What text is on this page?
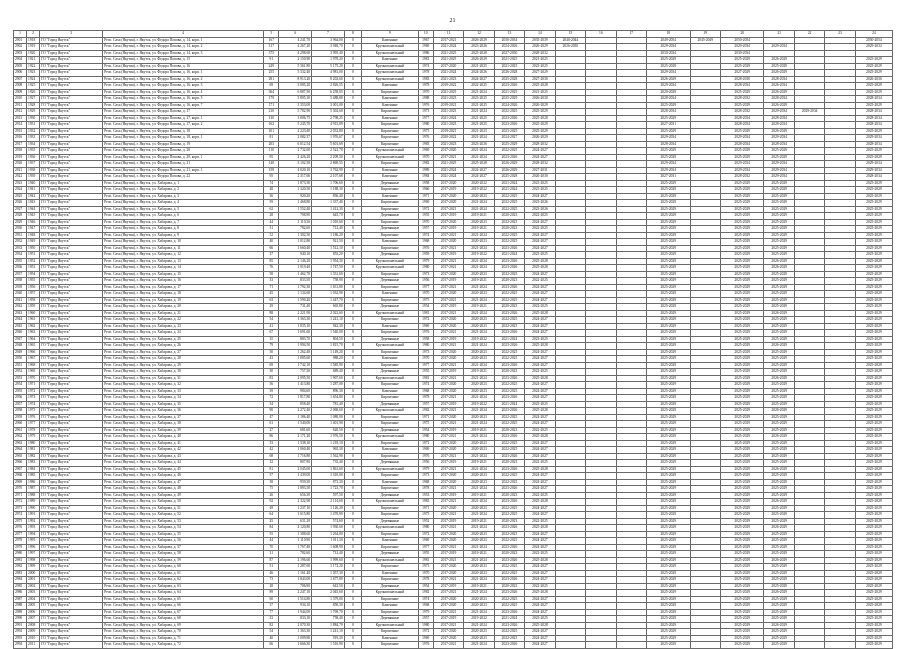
21
1	2	3	4	5	6	7	8	9	10	11	12	13	14	15	16	17	18	19	20	21	22	23	24
2901	1918	ГО "Город Якутск"	Респ. Саха (Якутия), г. Якутск, ул. Федора Попова, д. 14, корп. 1	167	4 241,70	3 964,00	0	Каменные	1967	2017-2021	2026-2029	2030-2034	2035-2039	2040-2044			2049-2054	2045-2049	2050-2054				2050-2054
2902	1919	ГО "Город Якутск"	Респ. Саха (Якутия), г. Якутск, ул. Федора Попова, д. 14, корп. 2	317	4 267,20	3 948,70	0	Крупнопанельный	1969	2021-2024	2023-2026	2024-2026	2026-2029	2026-2030			2029-2034		2029-2034	2029-2034			2029-2034
2903	1920	ГО "Город Якутск"	Респ. Саха (Якутия), г. Якутск, ул. Федора Попова, д. 14, корп. 3	375	4 298,60	3 995,40	0	Крупнопанельный	1986	2021-2025	2025-2028	2027-2030	2028-2032				2030-2034		2030-2034				
2904	1921	ГО "Город Якутск"	Респ. Саха (Якутия), г. Якутск, ул. Федора Попова, д. 15	91	2 150,90	1 978,20	0	Каменные	1981	2021-2025	2026-2029	2021-2025	2021-2025				2025-2029		2025-2029	2026-2029			2025-2029
2905	1922	ГО "Город Якутск"	Респ. Саха (Якутия), г. Якутск, ул. Федора Попова, д. 16	249	5 361,80	5 175,20	0	Крупнопанельный	1974	2017-2020	2021-2025	2021-2025	2023-2025				2025-2028		2025-2029	2025-2029			2025-2029
2906	1923	ГО "Город Якутск"	Респ. Саха (Якутия), г. Якутск, ул. Федора Попова, д. 16, корп. 1	255	5 332,40	4 981,00	0	Крупнопанельный	1978	2021-2024	2024-2026	2026-2028	2027-2029				2029-2034		2027-2029	2026-2029			2025-2029
2907	1924	ГО "Город Якутск"	Респ. Саха (Якутия), г. Якутск, ул. Федора Попова, д. 16, корп. 2	281	8 913,20	8 202,60	0	Крупнопанельный	1983	2021-2023	2024-2027	2025-2028	2027-2030				2026-2029		2028-2030	2028-2034			2026-2030
2908	1925	ГО "Город Якутск"	Респ. Саха (Якутия), г. Якутск, ул. Федора Попова, д. 16, корп. 3	69	3 085,20	2 826,55	0	Каменные	1978	2019-2022	2022-2025	2023-2026	2025-2028				2029-2034		2028-2034	2026-2034			2025-2029
2909	1926	ГО "Город Якутск"	Респ. Саха (Якутия), г. Якутск, ул. Федора Попова, д. 16, корп. 4	364	6 887,50	6 258,05	0	Кирпичные	1970	2021-2025	2021-2024	2021-2025	2021-2025				2020-2029		2025-2029	2026-2029			2025-2029
2910	1927	ГО "Город Якутск"	Респ. Саха (Якутия), г. Якутск, ул. Федора Попова, д. 16, корп. 5	179	5 895,10	5 488,80	0	Каменные	1988	2021-2023	2023-2025	2025-2029	2026-2030				2028-2034		2028-2032	2028-2034			2028-2034
2911	1928	ГО "Город Якутск"	Респ. Саха (Якутия), г. Якутск, ул. Федора Попова, д. 16, корп. 7	171	3 353,00	3 001,00	0	Каменные	1976	2019-2021	2021-2025	2024-2026	2026-2029				2025-2029		2025-2029	2026-2029			2025-2029
2912	1929	ГО "Город Якутск"	Респ. Саха (Якутия), г. Якутск, ул. Федора Попова, д. 17	210	5 702,90	5 302,60	0	Кирпичные	1973	2021-2023	2021-2024	2022-2025	2025-2029				2028-2034		2028-2032	2029-2034	2029-2034		2028-2034
2913	1930	ГО "Город Якутск"	Респ. Саха (Якутия), г. Якутск, ул. Федора Попова, д. 17, корп. 1	130	3 006,75	2 798,25	0	Каменные	1977	2021-2024	2021-2025	2023-2026	2025-2028				2025-2029		2028-2034	2028-2034			2028-2034
2914	1931	ГО "Город Якутск"	Респ. Саха (Якутия), г. Якутск, ул. Федора Попова, д. 17, корп. 2	162	5 245,70	4 915,09	0	Кирпичные	1980	2021-2023	2021-2025	2023-2026	2025-2029				2027-2031		2028-2034	2028-2034			2028-2034
2915	1932	ГО "Город Якутск"	Респ. Саха (Якутия), г. Якутск, ул. Федора Попова, д. 18	101	2 223,40	2 032,80	0	Кирпичные	1975	2019-2021	2021-2023	2023-2025	2025-2029				2025-2029		2025-2029	2026-2029			2025-2029
2916	1933	ГО "Город Якутск"	Респ. Саха (Якутия), г. Якутск, ул. Федора Попова, д. 18, корп. 1	81	2 082,37	1 976,67	0	Кирпичные	1976	2020-2022	2021-2024	2024-2027	2026-2029				2029-2034		2029-2034	2029-2034			2029-2034
2917	1934	ГО "Город Якутск"	Респ. Саха (Якутия), г. Якутск, ул. Федора Попова, д. 19	203	6 012,54	5 601,69	0	Кирпичные	1983	2021-2023	2023-2026	2025-2029	2028-2032				2028-2034		2028-2034	2028-2034			2028-2034
2918	1935	ГО "Город Якутск"	Респ. Саха (Якутия), г. Якутск, ул. Федора Попова, д. 20	110	2 732,60	2 522,78	0	Крупнопанельный	1969	2017-2020	2021-2024	2022-2025	2024-2027				2025-2029		2025-2029	2025-2029			2025-2029
2919	1936	ГО "Город Якутск"	Респ. Саха (Якутия), г. Якутск, ул. Федора Попова, д. 20, корп. 1	95	2 426,20	2 209,50	0	Крупнопанельный	1970	2017-2021	2021-2024	2023-2026	2024-2027				2025-2029		2025-2029	2025-2029			2025-2029
2920	1937	ГО "Город Якутск"	Респ. Саха (Якутия), г. Якутск, ул. Федора Попова, д. 21	140	3 102,50	2 869,55	0	Кирпичные	1982	2021-2025	2025-2028	2026-2029	2028-2032				2029-2034		2029-2034	2029-2034			2029-2034
2921	1938	ГО "Город Якутск"	Респ. Саха (Якутия), г. Якутск, ул. Федора Попова, д. 21, корп. 1	158	4 020,10	3 762,90	0	Каменные	1989	2021-2024	2024-2027	2026-2029	2027-2031				2029-2034		2029-2034	2029-2034			2029-2034
2922	1939	ГО "Город Якутск"	Респ. Саха (Якутия), г. Якутск, ул. Федора Попова, д. 22	95	2 317,66	2 107,68	0	Каменные	1984	2021-2024	2024-2027	2025-2028	2026-2030				2027-2031		2028-2032	2029-2034			2028-2034
2923	1940	ГО "Город Якутск"	Респ. Саха (Якутия), г. Якутск, ул. Хабарова, д. 1	74	1 873,50	1 706,60	0	Деревянные	1958	2017-2020	2020-2022	2021-2024	2023-2025				2025-2029		2025-2029	2025-2029			2025-2029
2924	1941	ГО "Город Якутск"	Респ. Саха (Якутия), г. Якутск, ул. Хабарова, д. 2	48	1 320,50	1 188,30	0	Кирпичные	1966	2017-2019	2019-2022	2021-2024	2023-2025				2025-2029		2025-2029	2025-2029			2025-2029
2925	1942	ГО "Город Якутск"	Респ. Саха (Якутия), г. Якутск, ул. Хабарова, д. 3	36	920,20	836,40	0	Каменные	1971	2017-2020	2020-2023	2022-2025	2024-2027				2025-2029		2025-2029	2025-2029			2025-2029
2926	1943	ГО "Город Якутск"	Респ. Саха (Якутия), г. Якутск, ул. Хабарова, д. 4	59	1 468,80	1 337,40	0	Кирпичные	1969	2017-2020	2021-2024	2022-2025	2023-2026				2025-2029		2025-2029	2025-2029			2025-2029
2927	1944	ГО "Город Якутск"	Респ. Саха (Якутия), г. Якутск, ул. Хабарова, д. 5	62	1 552,40	1 412,30	0	Кирпичные	1972	2017-2021	2021-2024	2022-2025	2023-2026				2025-2029		2025-2029	2025-2029			2025-2029
2928	1945	ГО "Город Якутск"	Респ. Саха (Якутия), г. Якутск, ул. Хабарова, д. 6	28	708,90	645,70	0	Деревянные	1955	2017-2019	2019-2021	2020-2023	2022-2025				2025-2029		2025-2029	2025-2029			2025-2029
2929	1946	ГО "Город Якутск"	Респ. Саха (Якутия), г. Якутск, ул. Хабарова, д. 7	44	1 110,30	1 010,60	0	Кирпичные	1970	2017-2020	2020-2023	2022-2025	2024-2027				2025-2029		2025-2029	2025-2029			2025-2029
2930	1947	ГО "Город Якутск"	Респ. Саха (Якутия), г. Якутск, ул. Хабарова, д. 8	31	782,60	712,40	0	Деревянные	1957	2017-2019	2019-2021	2020-2023	2022-2025				2025-2029		2025-2029	2025-2029			2025-2029
2931	1948	ГО "Город Якутск"	Респ. Саха (Якутия), г. Якутск, ул. Хабарова, д. 9	52	1 302,50	1 186,20	0	Кирпичные	1974	2017-2021	2021-2024	2022-2025	2024-2027				2025-2029		2025-2029	2025-2029			2025-2029
2932	1949	ГО "Город Якутск"	Респ. Саха (Якутия), г. Якутск, ул. Хабарова, д. 10	40	1 012,80	921,50	0	Каменные	1968	2017-2020	2020-2023	2022-2025	2024-2027				2025-2029		2025-2029	2025-2029			2025-2029
2933	1950	ГО "Город Якутск"	Респ. Саха (Якутия), г. Якутск, ул. Хабарова, д. 11	66	1 660,40	1 512,10	0	Кирпичные	1976	2017-2021	2021-2024	2023-2026	2024-2027				2025-2029		2025-2029	2025-2029			2025-2029
2934	1951	ГО "Город Якутск"	Респ. Саха (Якутия), г. Якутск, ул. Хабарова, д. 12	37	940,10	855,20	0	Деревянные	1959	2017-2019	2019-2022	2021-2024	2023-2025				2025-2029		2025-2029	2025-2029			2025-2029
2935	1952	ГО "Город Якутск"	Респ. Саха (Якутия), г. Якутск, ул. Хабарова, д. 13	85	2 146,20	1 954,30	0	Крупнопанельный	1979	2017-2021	2021-2024	2023-2026	2025-2028				2025-2029		2025-2029	2026-2029			2025-2029
2936	1953	ГО "Город Якутск"	Респ. Саха (Якутия), г. Якутск, ул. Хабарова, д. 14	76	1 919,40	1 747,50	0	Крупнопанельный	1980	2017-2021	2021-2024	2023-2026	2025-2028				2025-2029		2025-2029	2026-2029			2025-2029
2937	1954	ГО "Город Якутск"	Респ. Саха (Якутия), г. Якутск, ул. Хабарова, д. 15	58	1 462,70	1 331,60	0	Кирпичные	1973	2017-2020	2020-2023	2022-2025	2024-2027				2025-2029		2025-2029	2025-2029			2025-2029
2938	1955	ГО "Город Якутск"	Респ. Саха (Якутия), г. Якутск, ул. Хабарова, д. 16	33	833,50	758,90	0	Деревянные	1956	2017-2019	2019-2021	2020-2023	2022-2025				2025-2029		2025-2029	2025-2029			2025-2029
2939	1956	ГО "Город Якутск"	Респ. Саха (Якутия), г. Якутск, ул. Хабарова, д. 17	71	1 792,30	1 631,80	0	Кирпичные	1977	2017-2021	2021-2024	2023-2026	2024-2027				2025-2029		2025-2029	2025-2029			2025-2029
2940	1957	ГО "Город Якутск"	Респ. Саха (Якутия), г. Якутск, ул. Хабарова, д. 18	45	1 134,60	1 032,90	0	Каменные	1970	2017-2020	2020-2023	2022-2025	2024-2027				2025-2029		2025-2029	2025-2029			2025-2029
2941	1958	ГО "Город Якутск"	Респ. Саха (Якутия), г. Якутск, ул. Хабарова, д. 19	63	1 590,20	1 447,70	0	Кирпичные	1975	2017-2021	2021-2024	2022-2025	2024-2027				2025-2029		2025-2029	2025-2029			2025-2029
2942	1959	ГО "Город Якутск"	Респ. Саха (Якутия), г. Якутск, ул. Хабарова, д. 20	29	731,40	665,80	0	Деревянные	1954	2017-2019	2019-2021	2020-2023	2022-2025				2025-2029		2025-2029	2025-2029			2025-2029
2943	1960	ГО "Город Якутск"	Респ. Саха (Якутия), г. Якутск, ул. Хабарова, д. 21	88	2 221,90	2 022,60	0	Крупнопанельный	1981	2017-2021	2021-2024	2023-2026	2025-2028				2025-2029		2025-2029	2026-2029			2025-2029
2944	1961	ГО "Город Якутск"	Респ. Саха (Якутия), г. Якутск, ул. Хабарова, д. 22	54	1 363,30	1 241,10	0	Кирпичные	1972	2017-2020	2020-2023	2022-2025	2024-2027				2025-2029		2025-2029	2025-2029			2025-2029
2945	1962	ГО "Город Якутск"	Респ. Саха (Якутия), г. Якутск, ул. Хабарова, д. 23	41	1 035,10	942,30	0	Каменные	1969	2017-2020	2020-2023	2022-2025	2024-2027				2025-2029		2025-2029	2025-2029			2025-2029
2946	1963	ГО "Город Якутск"	Респ. Саха (Якутия), г. Якутск, ул. Хабарова, д. 24	67	1 691,60	1 540,00	0	Кирпичные	1976	2017-2021	2021-2024	2023-2026	2024-2027				2025-2029		2025-2029	2025-2029			2025-2029
2947	1964	ГО "Город Якутск"	Респ. Саха (Якутия), г. Якутск, ул. Хабарова, д. 25	35	883,70	804,50	0	Деревянные	1958	2017-2019	2019-2022	2021-2024	2023-2025				2025-2029		2025-2029	2025-2029			2025-2029
2948	1965	ГО "Город Якутск"	Респ. Саха (Якутия), г. Якутск, ул. Хабарова, д. 26	79	1 994,50	1 815,70	0	Крупнопанельный	1980	2017-2021	2021-2024	2023-2026	2025-2028				2025-2029		2025-2029	2026-2029			2025-2029
2949	1966	ГО "Город Якутск"	Респ. Саха (Якутия), г. Якутск, ул. Хабарова, д. 27	50	1 262,40	1 149,20	0	Кирпичные	1973	2017-2020	2020-2023	2022-2025	2024-2027				2025-2029		2025-2029	2025-2029			2025-2029
2950	1967	ГО "Город Якутск"	Респ. Саха (Якутия), г. Якутск, ул. Хабарова, д. 28	43	1 085,60	988,20	0	Каменные	1970	2017-2020	2020-2023	2022-2025	2024-2027				2025-2029		2025-2029	2025-2029			2025-2029
2951	1968	ГО "Город Якутск"	Респ. Саха (Якутия), г. Якутск, ул. Хабарова, д. 29	69	1 742,10	1 585,90	0	Кирпичные	1977	2017-2021	2021-2024	2023-2026	2024-2027				2025-2029		2025-2029	2025-2029			2025-2029
2952	1969	ГО "Город Якутск"	Респ. Саха (Якутия), г. Якутск, ул. Хабарова, д. 30	30	757,30	689,40	0	Деревянные	1955	2017-2019	2019-2021	2020-2023	2022-2025				2025-2029		2025-2029	2025-2029			2025-2029
2953	1970	ГО "Город Якутск"	Респ. Саха (Якутия), г. Якутск, ул. Хабарова, д. 31	83	2 095,50	1 907,60	0	Крупнопанельный	1981	2017-2021	2021-2024	2023-2026	2025-2028				2025-2029		2025-2029	2026-2029			2025-2029
2954	1971	ГО "Город Якутск"	Респ. Саха (Якутия), г. Якутск, ул. Хабарова, д. 32	56	1 413,80	1 287,00	0	Кирпичные	1974	2017-2020	2020-2023	2022-2025	2024-2027				2025-2029		2025-2029	2025-2029			2025-2029
2955	1972	ГО "Город Якутск"	Респ. Саха (Якутия), г. Якутск, ул. Хабарова, д. 33	39	984,60	896,30	0	Каменные	1968	2017-2020	2020-2023	2022-2025	2024-2027				2025-2029		2025-2029	2025-2029			2025-2029
2956	1973	ГО "Город Якутск"	Респ. Саха (Якутия), г. Якутск, ул. Хабарова, д. 34	72	1 817,80	1 654,80	0	Кирпичные	1978	2017-2021	2021-2024	2023-2026	2024-2027				2025-2029		2025-2029	2025-2029			2025-2029
2957	1974	ГО "Город Якутск"	Респ. Саха (Якутия), г. Якутск, ул. Хабарова, д. 35	34	858,40	781,40	0	Деревянные	1957	2017-2019	2019-2022	2021-2024	2023-2025				2025-2029		2025-2029	2025-2029			2025-2029
2958	1975	ГО "Город Якутск"	Респ. Саха (Якутия), г. Якутск, ул. Хабарова, д. 36	90	2 272,40	2 068,60	0	Крупнопанельный	1982	2017-2021	2021-2024	2023-2026	2025-2028				2025-2029		2025-2029	2026-2029			2025-2029
2959	1976	ГО "Город Якутск"	Респ. Саха (Якутия), г. Якутск, ул. Хабарова, д. 37	47	1 186,40	1 080,00	0	Кирпичные	1971	2017-2020	2020-2023	2022-2025	2024-2027				2025-2029		2025-2029	2025-2029			2025-2029
2960	1977	ГО "Город Якутск"	Респ. Саха (Якутия), г. Якутск, ул. Хабарова, д. 38	61	1 540,00	1 401,90	0	Кирпичные	1975	2017-2021	2021-2024	2022-2025	2024-2027				2025-2029		2025-2029	2025-2029			2025-2029
2961	1978	ГО "Город Якутск"	Респ. Саха (Якутия), г. Якутск, ул. Хабарова, д. 39	27	681,60	620,50	0	Деревянные	1954	2017-2019	2019-2021	2020-2023	2022-2025				2025-2029		2025-2029	2025-2029			2025-2029
2962	1979	ГО "Город Якутск"	Респ. Саха (Якутия), г. Якутск, ул. Хабарова, д. 40	86	2 171,20	1 976,50	0	Крупнопанельный	1980	2017-2021	2021-2024	2023-2026	2025-2028				2025-2029		2025-2029	2026-2029			2025-2029
2963	1980	ГО "Город Якутск"	Респ. Саха (Якутия), г. Якутск, ул. Хабарова, д. 41	53	1 338,10	1 218,10	0	Кирпичные	1972	2017-2020	2020-2023	2022-2025	2024-2027				2025-2029		2025-2029	2025-2029			2025-2029
2964	1981	ГО "Город Якутск"	Респ. Саха (Якутия), г. Якутск, ул. Хабарова, д. 42	42	1 060,40	965,30	0	Каменные	1969	2017-2020	2020-2023	2022-2025	2024-2027				2025-2029		2025-2029	2025-2029			2025-2029
2965	1982	ГО "Город Якутск"	Респ. Саха (Якутия), г. Якутск, ул. Хабарова, д. 43	68	1 716,80	1 562,90	0	Кирпичные	1976	2017-2021	2021-2024	2023-2026	2024-2027				2025-2029		2025-2029	2025-2029			2025-2029
2966	1983	ГО "Город Якутск"	Респ. Саха (Якутия), г. Якутск, ул. Хабарова, д. 44	32	807,90	735,40	0	Деревянные	1956	2017-2019	2019-2021	2020-2023	2022-2025				2025-2029		2025-2029	2025-2029			2025-2029
2967	1984	ГО "Город Якутск"	Респ. Саха (Якутия), г. Якутск, ул. Хабарова, д. 45	81	2 045,00	1 861,60	0	Крупнопанельный	1979	2017-2021	2021-2024	2023-2026	2025-2028				2025-2029		2025-2029	2026-2029			2025-2029
2968	1985	ГО "Город Якутск"	Респ. Саха (Якутия), г. Якутск, ул. Хабарова, д. 46	57	1 439,00	1 310,00	0	Кирпичные	1973	2017-2020	2020-2023	2022-2025	2024-2027				2025-2029		2025-2029	2025-2029			2025-2029
2969	1986	ГО "Город Якутск"	Респ. Саха (Якутия), г. Якутск, ул. Хабарова, д. 47	38	959,30	873,30	0	Каменные	1968	2017-2020	2020-2023	2022-2025	2024-2027				2025-2029		2025-2029	2025-2029			2025-2029
2970	1987	ГО "Город Якутск"	Респ. Саха (Якутия), г. Якутск, ул. Хабарова, д. 48	75	1 893,50	1 723,70	0	Кирпичные	1978	2017-2021	2021-2024	2023-2026	2024-2027				2025-2029		2025-2029	2025-2029			2025-2029
2971	1988	ГО "Город Якутск"	Респ. Саха (Якутия), г. Якутск, ул. Хабарова, д. 49	26	656,30	597,50	0	Деревянные	1953	2017-2019	2019-2021	2020-2023	2022-2025				2025-2029		2025-2029	2025-2029			2025-2029
2972	1989	ГО "Город Якутск"	Респ. Саха (Якутия), г. Якутск, ул. Хабарова, д. 50	92	2 322,90	2 114,60	0	Крупнопанельный	1983	2017-2021	2021-2024	2023-2026	2025-2028				2025-2029		2025-2029	2026-2029			2025-2029
2973	1990	ГО "Город Якутск"	Респ. Саха (Якутия), г. Якутск, ул. Хабарова, д. 51	49	1 237,10	1 126,20	0	Кирпичные	1971	2017-2020	2020-2023	2022-2025	2024-2027				2025-2029		2025-2029	2025-2029			2025-2029
2974	1991	ГО "Город Якутск"	Респ. Саха (Якутия), г. Якутск, ул. Хабарова, д. 52	64	1 615,80	1 470,90	0	Кирпичные	1975	2017-2021	2021-2024	2022-2025	2024-2027				2025-2029		2025-2029	2025-2029			2025-2029
2975	1992	ГО "Город Якутск"	Респ. Саха (Якутия), г. Якутск, ул. Хабарова, д. 53	25	631,20	574,60	0	Деревянные	1952	2017-2019	2019-2021	2020-2023	2022-2025				2025-2029		2025-2029	2025-2029			2025-2029
2976	1993	ГО "Город Якутск"	Респ. Саха (Якутия), г. Якутск, ул. Хабарова, д. 54	84	2 120,80	1 930,60	0	Крупнопанельный	1980	2017-2021	2021-2024	2023-2026	2025-2028				2025-2029		2025-2029	2026-2029			2025-2029
2977	1994	ГО "Город Якутск"	Респ. Саха (Якутия), г. Якутск, ул. Хабарова, д. 55	55	1 388,60	1 264,00	0	Кирпичные	1972	2017-2020	2020-2023	2022-2025	2024-2027				2025-2029		2025-2029	2025-2029			2025-2029
2978	1995	ГО "Город Якутск"	Респ. Саха (Якутия), г. Якутск, ул. Хабарова, д. 56	44	1 110,90	1 011,30	0	Каменные	1969	2017-2020	2020-2023	2022-2025	2024-2027				2025-2029		2025-2029	2025-2029			2025-2029
2979	1996	ГО "Город Якутск"	Респ. Саха (Якутия), г. Якутск, ул. Хабарова, д. 57	70	1 767,40	1 608,90	0	Кирпичные	1977	2017-2021	2021-2024	2023-2026	2024-2027				2025-2029		2025-2029	2025-2029			2025-2029
2980	1997	ГО "Город Якутск"	Респ. Саха (Якутия), г. Якутск, ул. Хабарова, д. 58	31	782,60	712,40	0	Деревянные	1955	2017-2019	2019-2021	2020-2023	2022-2025				2025-2029		2025-2029	2025-2029			2025-2029
2981	1998	ГО "Город Якутск"	Респ. Саха (Якутия), г. Якутск, ул. Хабарова, д. 59	87	2 196,60	1 999,60	0	Крупнопанельный	1981	2017-2021	2021-2024	2023-2026	2025-2028				2025-2029		2025-2029	2026-2029			2025-2029
2982	1999	ГО "Город Якутск"	Респ. Саха (Якутия), г. Якутск, ул. Хабарова, д. 60	51	1 287,60	1 172,20	0	Кирпичные	1973	2017-2020	2020-2023	2022-2025	2024-2027				2025-2029		2025-2029	2025-2029			2025-2029
2983	2000	ГО "Город Якутск"	Респ. Саха (Якутия), г. Якутск, ул. Хабарова, д. 61	46	1 161,40	1 057,30	0	Каменные	1970	2017-2020	2020-2023	2022-2025	2024-2027				2025-2029		2025-2029	2025-2029			2025-2029
2984	2001	ГО "Город Якутск"	Респ. Саха (Якутия), г. Якутск, ул. Хабарова, д. 62	73	1 843,00	1 677,80	0	Кирпичные	1978	2017-2021	2021-2024	2023-2026	2024-2027				2025-2029		2025-2029	2025-2029			2025-2029
2985	2002	ГО "Город Якутск"	Респ. Саха (Якутия), г. Якутск, ул. Хабарова, д. 63	28	706,90	643,50	0	Деревянные	1954	2017-2019	2019-2021	2020-2023	2022-2025				2025-2029		2025-2029	2025-2029			2025-2029
2986	2003	ГО "Город Якутск"	Респ. Саха (Якутия), г. Якутск, ул. Хабарова, д. 64	89	2 247,10	2 045,60	0	Крупнопанельный	1982	2017-2021	2021-2024	2023-2026	2025-2028				2025-2029		2025-2029	2026-2029			2025-2029
2987	2004	ГО "Город Якутск"	Респ. Саха (Якутия), г. Якутск, ул. Хабарова, д. 65	60	1 514,80	1 379,00	0	Кирпичные	1974	2017-2020	2020-2023	2022-2025	2024-2027				2025-2029		2025-2029	2025-2029			2025-2029
2988	2005	ГО "Город Якутск"	Респ. Саха (Якутия), г. Якутск, ул. Хабарова, д. 66	37	934,10	850,30	0	Каменные	1968	2017-2020	2020-2023	2022-2025	2024-2027				2025-2029		2025-2029	2025-2029			2025-2029
2989	2006	ГО "Город Якутск"	Респ. Саха (Якутия), г. Якутск, ул. Хабарова, д. 67	77	1 944,00	1 769,70	0	Кирпичные	1979	2017-2021	2021-2024	2023-2026	2024-2027				2025-2029		2025-2029	2025-2029			2025-2029
2990	2007	ГО "Город Якутск"	Респ. Саха (Якутия), г. Якутск, ул. Хабарова, д. 68	33	833,10	758,40	0	Деревянные	1957	2017-2019	2019-2022	2021-2024	2023-2025				2025-2029		2025-2029	2025-2029			2025-2029
2991	2008	ГО "Город Якутск"	Респ. Саха (Якутия), г. Якутск, ул. Хабарова, д. 69	82	2 070,30	1 884,70	0	Крупнопанельный	1980	2017-2021	2021-2024	2023-2026	2025-2028				2025-2029		2025-2029	2026-2029			2025-2029
2992	2009	ГО "Город Якутск"	Респ. Саха (Якутия), г. Якутск, ул. Хабарова, д. 70	54	1 363,30	1 241,10	0	Кирпичные	1972	2017-2020	2020-2023	2022-2025	2024-2027				2025-2029		2025-2029	2025-2029			2025-2029
2993	2010	ГО "Город Якутск"	Респ. Саха (Якутия), г. Якутск, ул. Хабарова, д. 71	40	1 009,80	919,30	0	Каменные	1969	2017-2020	2020-2023	2022-2025	2024-2027				2025-2029		2025-2029	2025-2029			2025-2029
2994	2011	ГО "Город Якутск"	Респ. Саха (Якутия), г. Якутск, ул. Хабарова, д. 72	66	1 666,30	1 516,90	0	Кирпичные	1976	2017-2021	2021-2024	2023-2026	2024-2027				2025-2029		2025-2029	2025-2029			2025-2029
